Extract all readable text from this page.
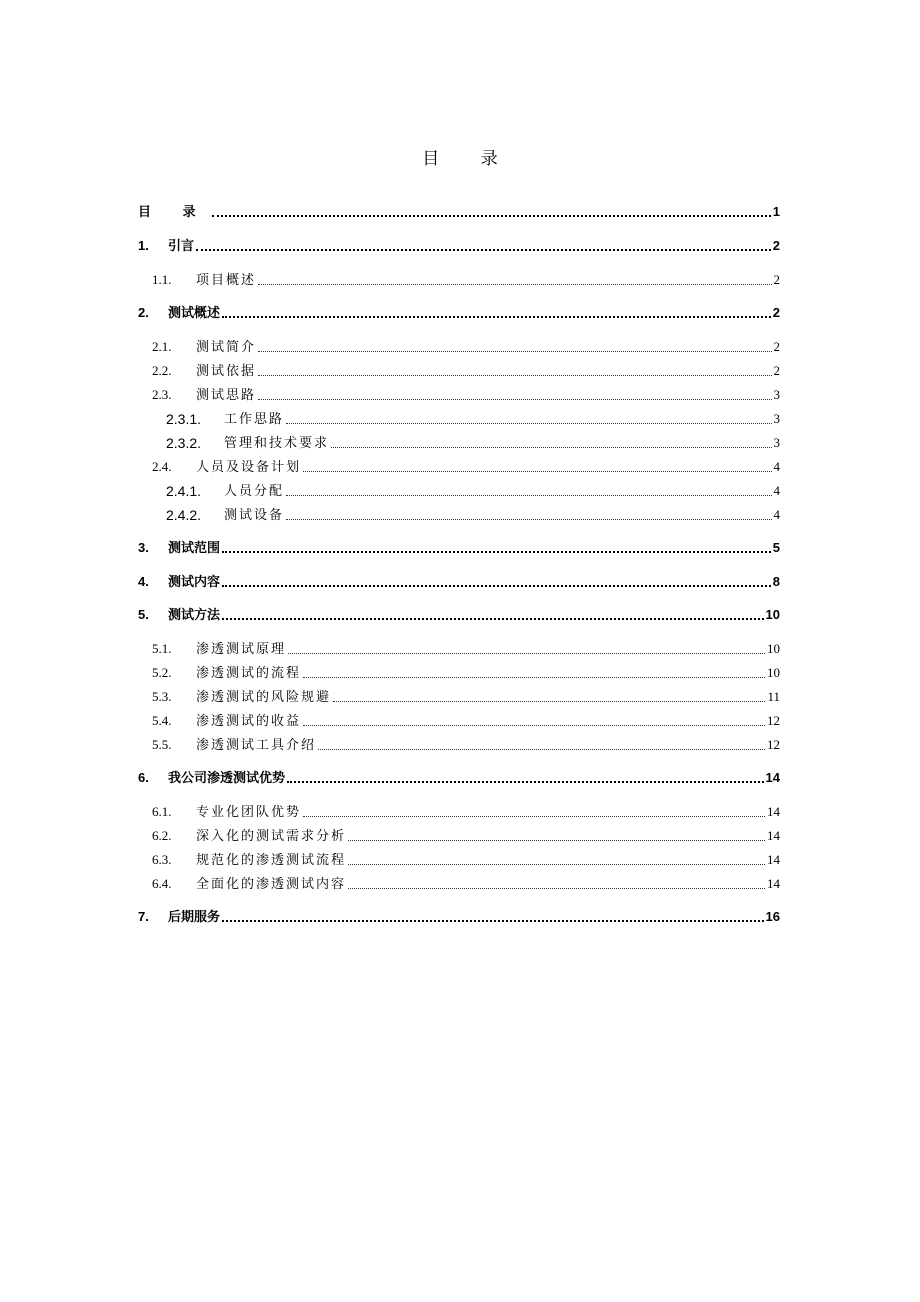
目 录
目 录	1
1.	引言	2
1.1.	项目概述	2
2.	测试概述	2
2.1.	测试简介	2
2.2.	测试依据	2
2.3.	测试思路	3
2.3.1.	工作思路	3
2.3.2.	管理和技术要求	3
2.4.	人员及设备计划	4
2.4.1.	人员分配	4
2.4.2.	测试设备	4
3.	测试范围	5
4.	测试内容	8
5.	测试方法	10
5.1.	渗透测试原理	10
5.2.	渗透测试的流程	10
5.3.	渗透测试的风险规避	11
5.4.	渗透测试的收益	12
5.5.	渗透测试工具介绍	12
6.	我公司渗透测试优势	14
6.1.	专业化团队优势	14
6.2.	深入化的测试需求分析	14
6.3.	规范化的渗透测试流程	14
6.4.	全面化的渗透测试内容	14
7.	后期服务	16
